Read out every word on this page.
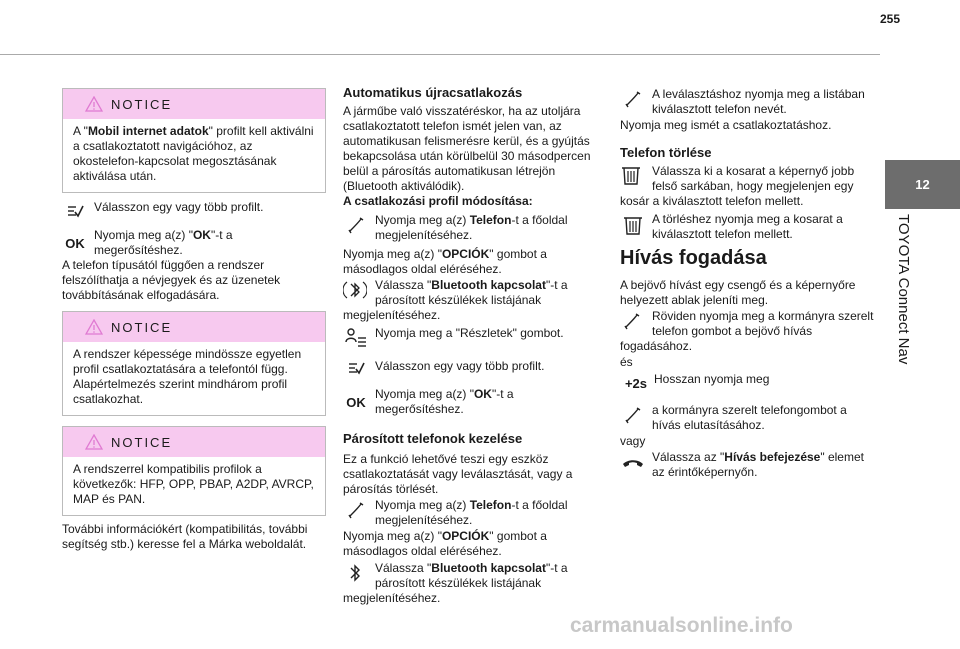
255
12
TOYOTA Connect Nav
NOTICE
A "Mobil internet adatok" profilt kell aktiválni a csatlakoztatott navigációhoz, az okostelefon-kapcsolat megosztásának aktiválása után.
Válasszon egy vagy több profilt.
OK
Nyomja meg a(z) "OK"-t a megerősítéshez.
A telefon típusától függően a rendszer felszólíthatja a névjegyek és az üzenetek továbbításának elfogadására.
NOTICE
A rendszer képessége mindössze egyetlen profil csatlakoztatására a telefontól függ. Alapértelmezés szerint mindhárom profil csatlakozhat.
NOTICE
A rendszerrel kompatibilis profilok a következők: HFP, OPP, PBAP, A2DP, AVRCP, MAP és PAN.
További információkért (kompatibilitás, további segítség stb.) keresse fel a Márka weboldalát.
Automatikus újracsatlakozás
A járműbe való visszatéréskor, ha az utoljára csatlakoztatott telefon ismét jelen van, az automatikusan felismerésre kerül, és a gyújtás bekapcsolása után körülbelül 30 másodpercen belül a párosítás automatikusan létrejön (Bluetooth aktiválódik).
A csatlakozási profil módosítása:
Nyomja meg a(z) Telefon-t a főoldal megjelenítéséhez.
Nyomja meg a(z) "OPCIÓK" gombot a másodlagos oldal eléréséhez.
Válassza "Bluetooth kapcsolat"-t a párosított készülékek listájának megjelenítéséhez.
Nyomja meg a "Részletek" gombot.
Válasszon egy vagy több profilt.
OK
Nyomja meg a(z) "OK"-t a megerősítéshez.
Párosított telefonok kezelése
Ez a funkció lehetővé teszi egy eszköz csatlakoztatását vagy leválasztását, vagy a párosítás törlését.
Nyomja meg a(z) Telefon-t a főoldal megjelenítéséhez.
Nyomja meg a(z) "OPCIÓK" gombot a másodlagos oldal eléréséhez.
Válassza "Bluetooth kapcsolat"-t a párosított készülékek listájának megjelenítéséhez.
A leválasztáshoz nyomja meg a listában kiválasztott telefon nevét.
Nyomja meg ismét a csatlakoztatáshoz.
Telefon törlése
Válassza ki a kosarat a képernyő jobb felső sarkában, hogy megjelenjen egy kosár a kiválasztott telefon mellett.
A törléshez nyomja meg a kosarat a kiválasztott telefon mellett.
Hívás fogadása
A bejövő hívást egy csengő és a képernyőre helyezett ablak jeleníti meg.
Röviden nyomja meg a kormányra szerelt telefon gombot a bejövő hívás fogadásához.
és
+2s Hosszan nyomja meg
a kormányra szerelt telefongombot a hívás elutasításához.
vagy
Válassza az "Hívás befejezése" elemet az érintőképernyőn.
carmanualsonline.info
